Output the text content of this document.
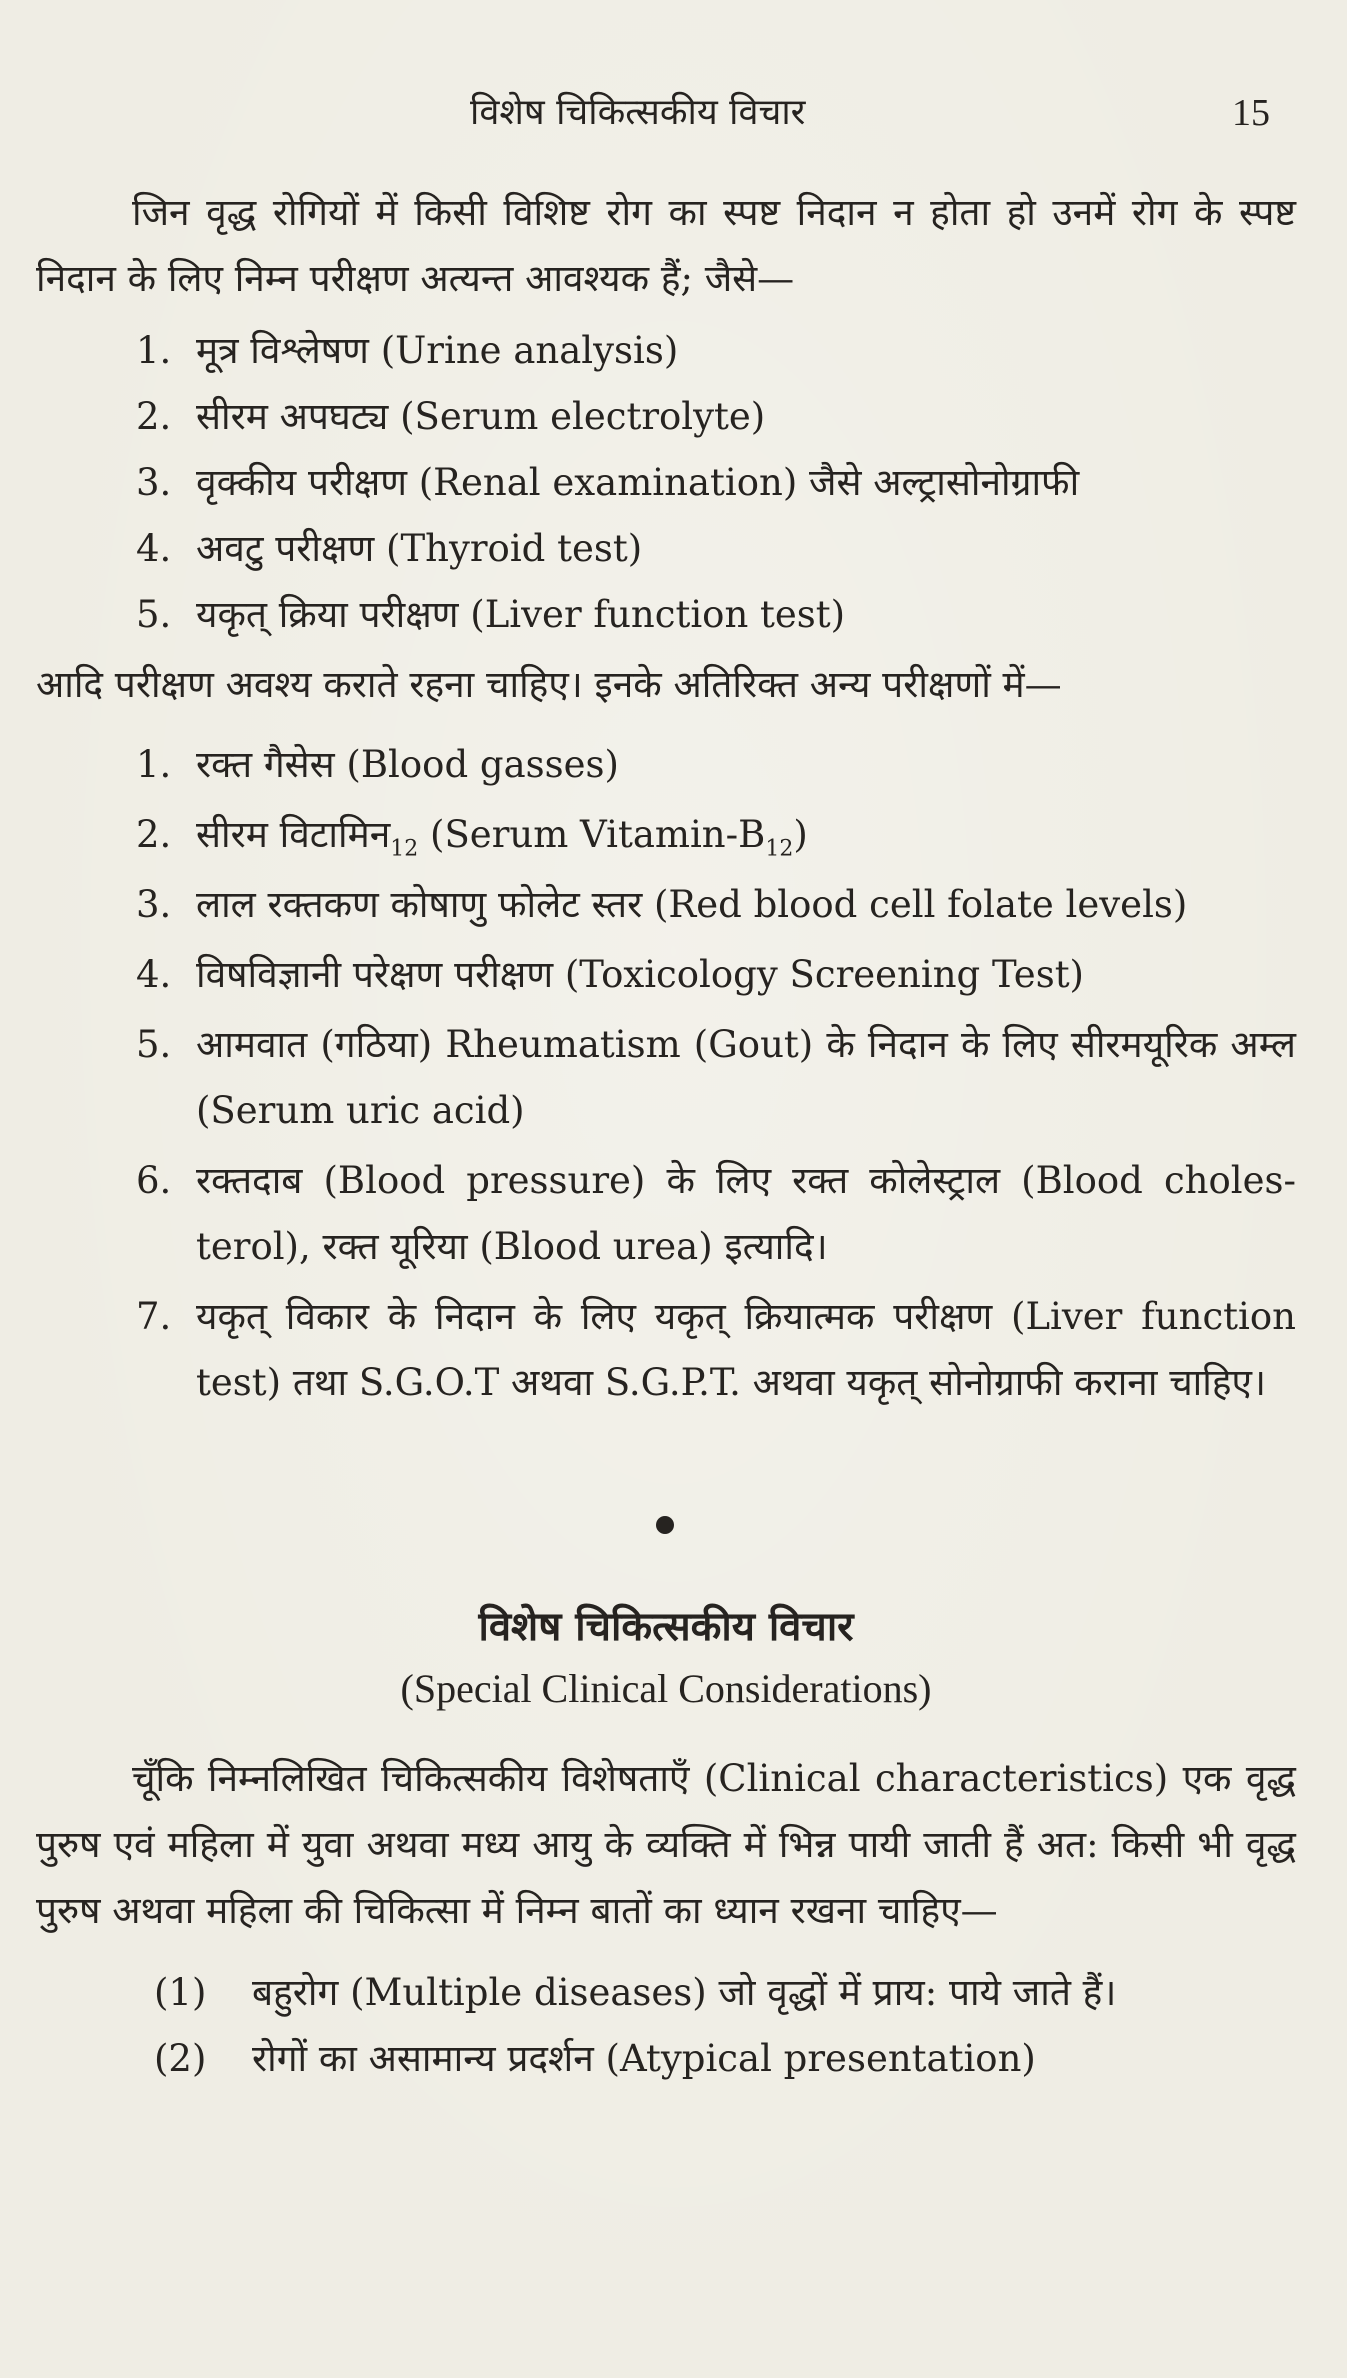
विशेष चिकित्सकीय विचार	15

जिन वृद्ध रोगियों में किसी विशिष्ट रोग का स्पष्ट निदान न होता हो उनमें रोग के स्पष्ट निदान के लिए निम्न परीक्षण अत्यन्त आवश्यक हैं; जैसे—

1. मूत्र विश्लेषण (Urine analysis)
2. सीरम अपघट्य (Serum electrolyte)
3. वृक्कीय परीक्षण (Renal examination) जैसे अल्ट्रासोनोग्राफी
4. अवटु परीक्षण (Thyroid test)
5. यकृत् क्रिया परीक्षण (Liver function test)

आदि परीक्षण अवश्य कराते रहना चाहिए। इनके अतिरिक्त अन्य परीक्षणों में—

1. रक्त गैसेस (Blood gasses)
2. सीरम विटामिन$_{12}$ (Serum Vitamin-$B_{12}$)
3. लाल रक्तकण कोषाणु फोलेट स्तर (Red blood cell folate levels)
4. विषविज्ञानी परेक्षण परीक्षण (Toxicology Screening Test)
5. आमवात (गठिया) Rheumatism (Gout) के निदान के लिए सीरमयूरिक अम्ल (Serum uric acid)
6. रक्तदाब (Blood pressure) के लिए रक्त कोलेस्ट्राल (Blood choles-terol), रक्त यूरिया (Blood urea) इत्यादि।
7. यकृत् विकार के निदान के लिए यकृत् क्रियात्मक परीक्षण (Liver function test) तथा S.G.O.T अथवा S.G.P.T. अथवा यकृत् सोनोग्राफी कराना चाहिए।
विशेष चिकित्सकीय विचार
(Special Clinical Considerations)

चूँकि निम्नलिखित चिकित्सकीय विशेषताएँ (Clinical characteristics) एक वृद्ध पुरुष एवं महिला में युवा अथवा मध्य आयु के व्यक्ति में भिन्न पायी जाती हैं अत: किसी भी वृद्ध पुरुष अथवा महिला की चिकित्सा में निम्न बातों का ध्यान रखना चाहिए—

(1) बहुरोग (Multiple diseases) जो वृद्धों में प्राय: पाये जाते हैं।
(2) रोगों का असामान्य प्रदर्शन (Atypical presentation)
